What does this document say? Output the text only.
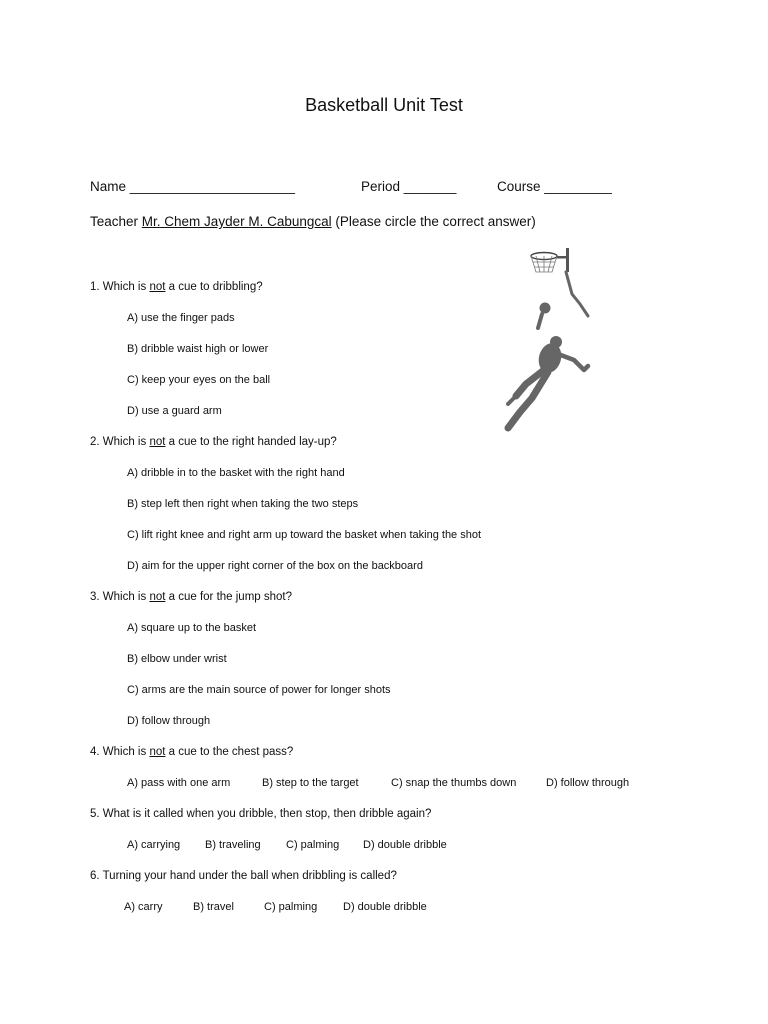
Basketball Unit Test
Name ______________________	Period _______	Course _________
Teacher Mr. Chem Jayder M. Cabungcal (Please circle the correct answer)
1. Which is not a cue to dribbling?
A) use the finger pads
B) dribble waist high or lower
C) keep your eyes on the ball
D) use a guard arm
2. Which is not a cue to the right handed lay-up?
A) dribble in to the basket with the right hand
B) step left then right when taking the two steps
C) lift right knee and right arm up toward the basket when taking the shot
D) aim for the upper right corner of the box on the backboard
3. Which is not a cue for the jump shot?
A) square up to the basket
B) elbow under wrist
C) arms are the main source of power for longer shots
D) follow through
4. Which is not a cue to the chest pass?
A) pass with one arm	B) step to the target	C) snap the thumbs down	D) follow through
5. What is it called when you dribble, then stop, then dribble again?
A) carrying B) traveling C) palming D) double dribble
6. Turning your hand under the ball when dribbling is called?
A) carry	B) travel	C) palming D) double dribble
